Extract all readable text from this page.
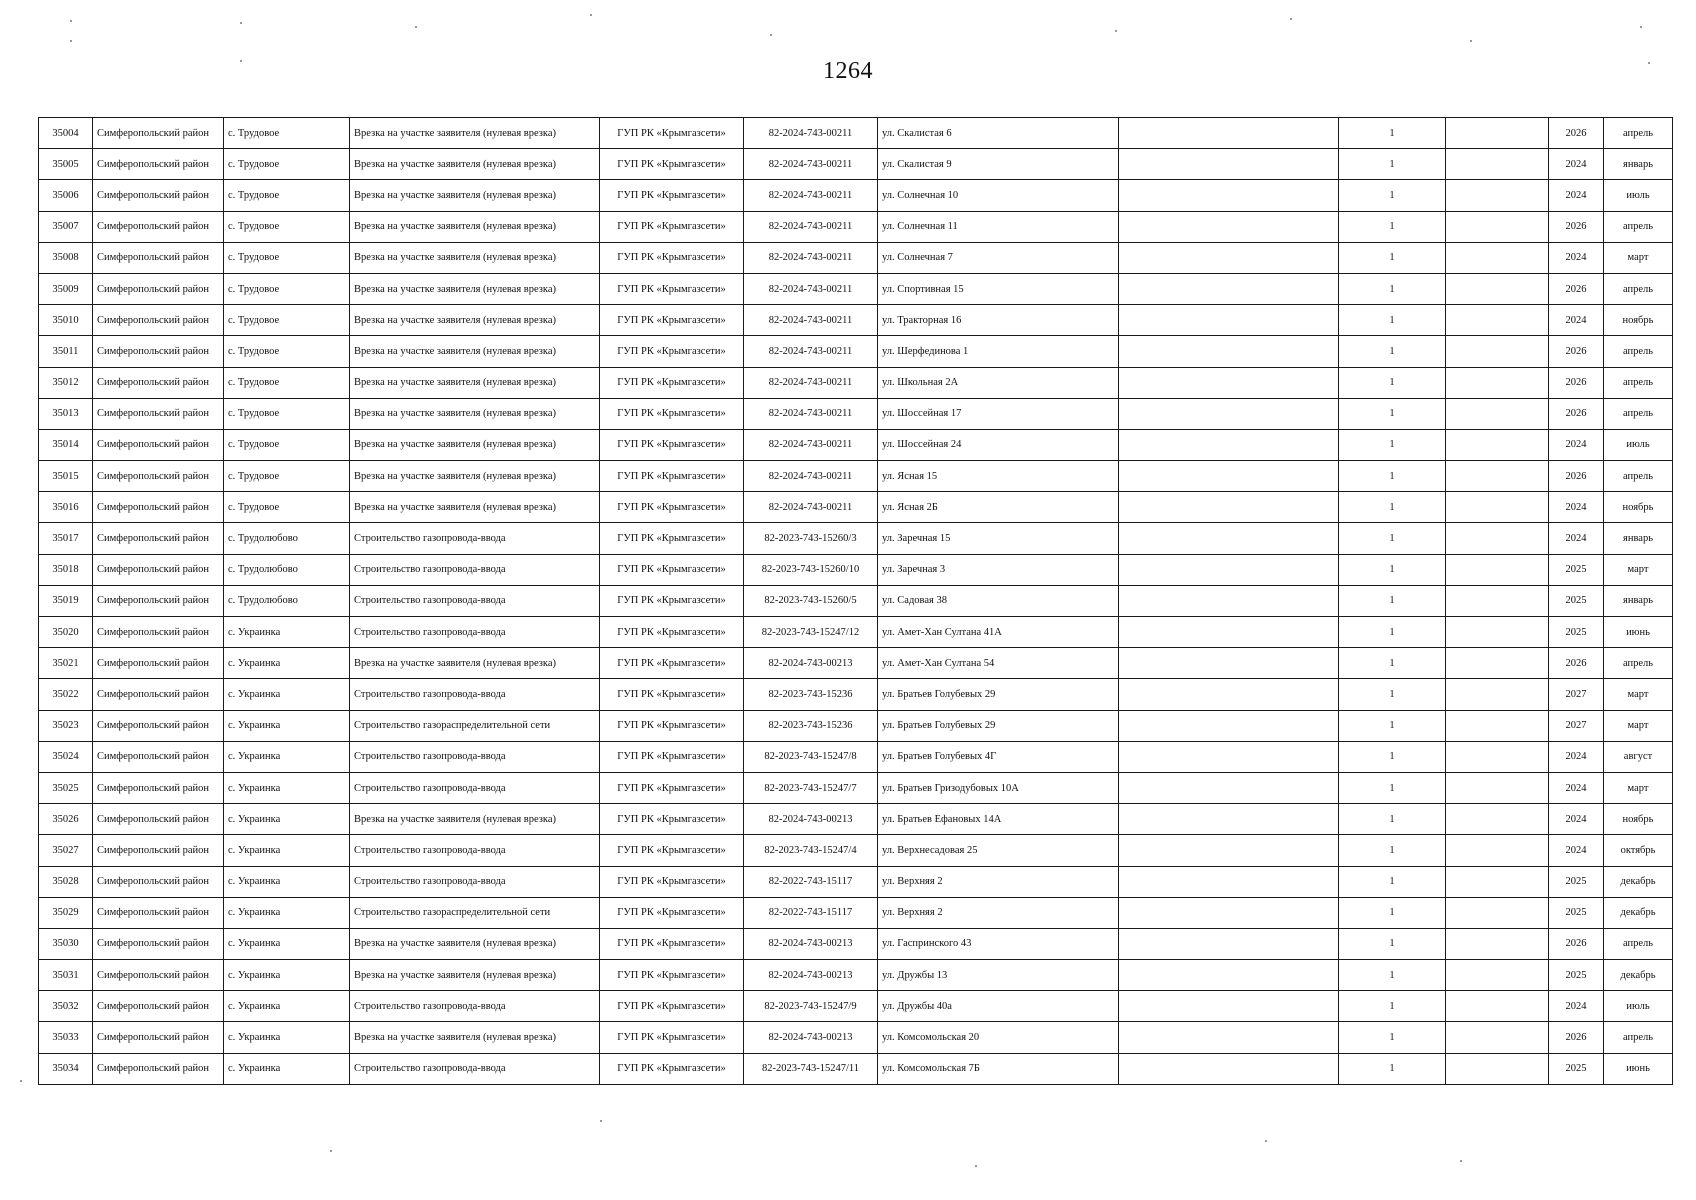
1264
35004	Симферопольский район	с. Трудовое	Врезка на участке заявителя (нулевая врезка)	ГУП РК «Крымгазсети»	82-2024-743-00211	ул. Скалистая 6		1		2026	апрель
35005	Симферопольский район	с. Трудовое	Врезка на участке заявителя (нулевая врезка)	ГУП РК «Крымгазсети»	82-2024-743-00211	ул. Скалистая 9		1		2024	январь
35006	Симферопольский район	с. Трудовое	Врезка на участке заявителя (нулевая врезка)	ГУП РК «Крымгазсети»	82-2024-743-00211	ул. Солнечная 10		1		2024	июль
35007	Симферопольский район	с. Трудовое	Врезка на участке заявителя (нулевая врезка)	ГУП РК «Крымгазсети»	82-2024-743-00211	ул. Солнечная 11		1		2026	апрель
35008	Симферопольский район	с. Трудовое	Врезка на участке заявителя (нулевая врезка)	ГУП РК «Крымгазсети»	82-2024-743-00211	ул. Солнечная 7		1		2024	март
35009	Симферопольский район	с. Трудовое	Врезка на участке заявителя (нулевая врезка)	ГУП РК «Крымгазсети»	82-2024-743-00211	ул. Спортивная 15		1		2026	апрель
35010	Симферопольский район	с. Трудовое	Врезка на участке заявителя (нулевая врезка)	ГУП РК «Крымгазсети»	82-2024-743-00211	ул. Тракторная 16		1		2024	ноябрь
35011	Симферопольский район	с. Трудовое	Врезка на участке заявителя (нулевая врезка)	ГУП РК «Крымгазсети»	82-2024-743-00211	ул. Шерфединова 1		1		2026	апрель
35012	Симферопольский район	с. Трудовое	Врезка на участке заявителя (нулевая врезка)	ГУП РК «Крымгазсети»	82-2024-743-00211	ул. Школьная 2А		1		2026	апрель
35013	Симферопольский район	с. Трудовое	Врезка на участке заявителя (нулевая врезка)	ГУП РК «Крымгазсети»	82-2024-743-00211	ул. Шоссейная 17		1		2026	апрель
35014	Симферопольский район	с. Трудовое	Врезка на участке заявителя (нулевая врезка)	ГУП РК «Крымгазсети»	82-2024-743-00211	ул. Шоссейная 24		1		2024	июль
35015	Симферопольский район	с. Трудовое	Врезка на участке заявителя (нулевая врезка)	ГУП РК «Крымгазсети»	82-2024-743-00211	ул. Ясная 15		1		2026	апрель
35016	Симферопольский район	с. Трудовое	Врезка на участке заявителя (нулевая врезка)	ГУП РК «Крымгазсети»	82-2024-743-00211	ул. Ясная 2Б		1		2024	ноябрь
35017	Симферопольский район	с. Трудолюбово	Строительство газопровода-ввода	ГУП РК «Крымгазсети»	82-2023-743-15260/3	ул. Заречная 15		1		2024	январь
35018	Симферопольский район	с. Трудолюбово	Строительство газопровода-ввода	ГУП РК «Крымгазсети»	82-2023-743-15260/10	ул. Заречная 3		1		2025	март
35019	Симферопольский район	с. Трудолюбово	Строительство газопровода-ввода	ГУП РК «Крымгазсети»	82-2023-743-15260/5	ул. Садовая 38		1		2025	январь
35020	Симферопольский район	с. Украинка	Строительство газопровода-ввода	ГУП РК «Крымгазсети»	82-2023-743-15247/12	ул. Амет-Хан Султана 41А		1		2025	июнь
35021	Симферопольский район	с. Украинка	Врезка на участке заявителя (нулевая врезка)	ГУП РК «Крымгазсети»	82-2024-743-00213	ул. Амет-Хан Султана 54		1		2026	апрель
35022	Симферопольский район	с. Украинка	Строительство газопровода-ввода	ГУП РК «Крымгазсети»	82-2023-743-15236	ул. Братьев Голубевых 29		1		2027	март
35023	Симферопольский район	с. Украинка	Строительство газораспределительной сети	ГУП РК «Крымгазсети»	82-2023-743-15236	ул. Братьев Голубевых 29		1		2027	март
35024	Симферопольский район	с. Украинка	Строительство газопровода-ввода	ГУП РК «Крымгазсети»	82-2023-743-15247/8	ул. Братьев Голубевых 4Г		1		2024	август
35025	Симферопольский район	с. Украинка	Строительство газопровода-ввода	ГУП РК «Крымгазсети»	82-2023-743-15247/7	ул. Братьев Гризодубовых 10А		1		2024	март
35026	Симферопольский район	с. Украинка	Врезка на участке заявителя (нулевая врезка)	ГУП РК «Крымгазсети»	82-2024-743-00213	ул. Братьев Ефановых 14А		1		2024	ноябрь
35027	Симферопольский район	с. Украинка	Строительство газопровода-ввода	ГУП РК «Крымгазсети»	82-2023-743-15247/4	ул. Верхнесадовая 25		1		2024	октябрь
35028	Симферопольский район	с. Украинка	Строительство газопровода-ввода	ГУП РК «Крымгазсети»	82-2022-743-15117	ул. Верхняя 2		1		2025	декабрь
35029	Симферопольский район	с. Украинка	Строительство газораспределительной сети	ГУП РК «Крымгазсети»	82-2022-743-15117	ул. Верхняя 2		1		2025	декабрь
35030	Симферопольский район	с. Украинка	Врезка на участке заявителя (нулевая врезка)	ГУП РК «Крымгазсети»	82-2024-743-00213	ул. Гаспринского 43		1		2026	апрель
35031	Симферопольский район	с. Украинка	Врезка на участке заявителя (нулевая врезка)	ГУП РК «Крымгазсети»	82-2024-743-00213	ул. Дружбы 13		1		2025	декабрь
35032	Симферопольский район	с. Украинка	Строительство газопровода-ввода	ГУП РК «Крымгазсети»	82-2023-743-15247/9	ул. Дружбы 40а		1		2024	июль
35033	Симферопольский район	с. Украинка	Врезка на участке заявителя (нулевая врезка)	ГУП РК «Крымгазсети»	82-2024-743-00213	ул. Комсомольская 20		1		2026	апрель
35034	Симферопольский район	с. Украинка	Строительство газопровода-ввода	ГУП РК «Крымгазсети»	82-2023-743-15247/11	ул. Комсомольская 7Б		1		2025	июнь
